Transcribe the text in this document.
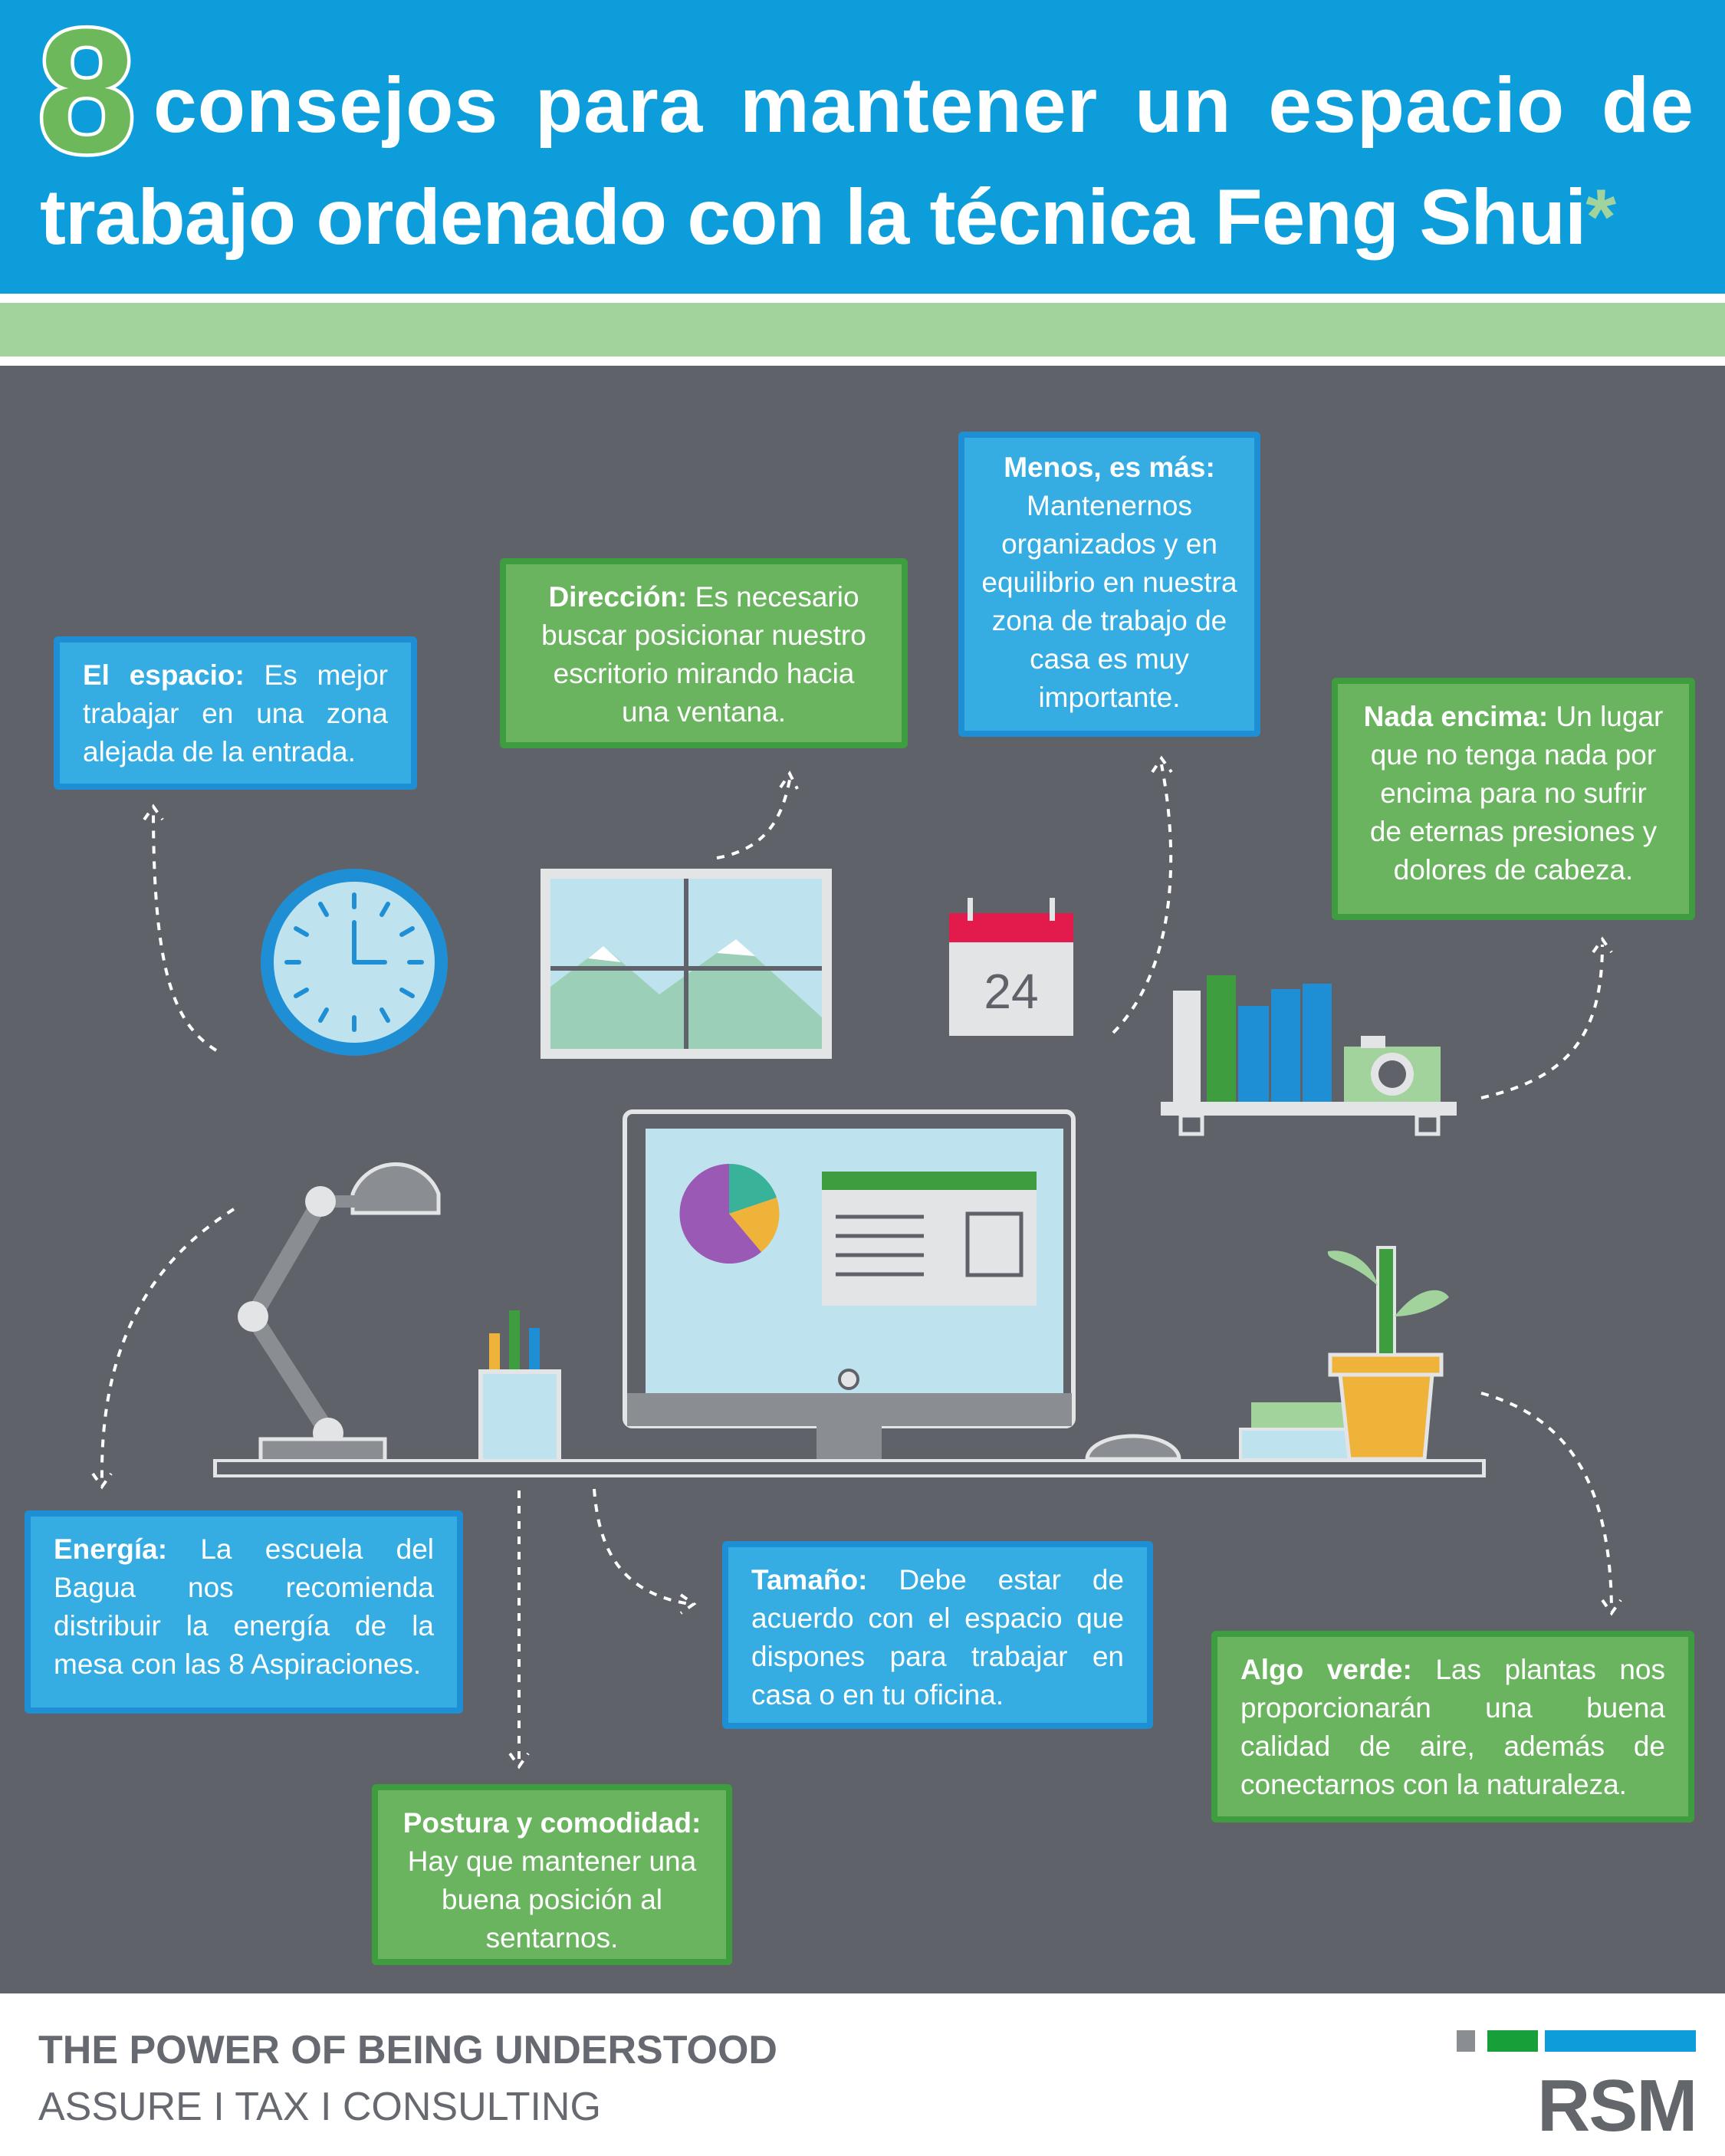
8 consejos para mantener un espacio de
trabajo ordenado con la técnica Feng Shui*
24
El espacio: Es mejor trabajar en una zona alejada de la entrada.
Dirección: Es necesario buscar posicionar nuestro escritorio mirando hacia una ventana.
Menos, es más: Mantenernos organizados y en equilibrio en nuestra zona de trabajo de casa es muy importante.
Nada encima: Un lugar que no tenga nada por encima para no sufrir de eternas presiones y dolores de cabeza.
Energía: La escuela del Bagua nos recomienda distribuir la energía de la mesa con las 8 Aspiraciones.
Tamaño: Debe estar de acuerdo con el espacio que dispones para trabajar en casa o en tu oficina.
Algo verde: Las plantas nos proporcionarán una buena calidad de aire, además de conectarnos con la naturaleza.
Postura y comodidad: Hay que mantener una buena posición al sentarnos.
THE POWER OF BEING UNDERSTOOD
ASSURE I TAX I CONSULTING	RSM
